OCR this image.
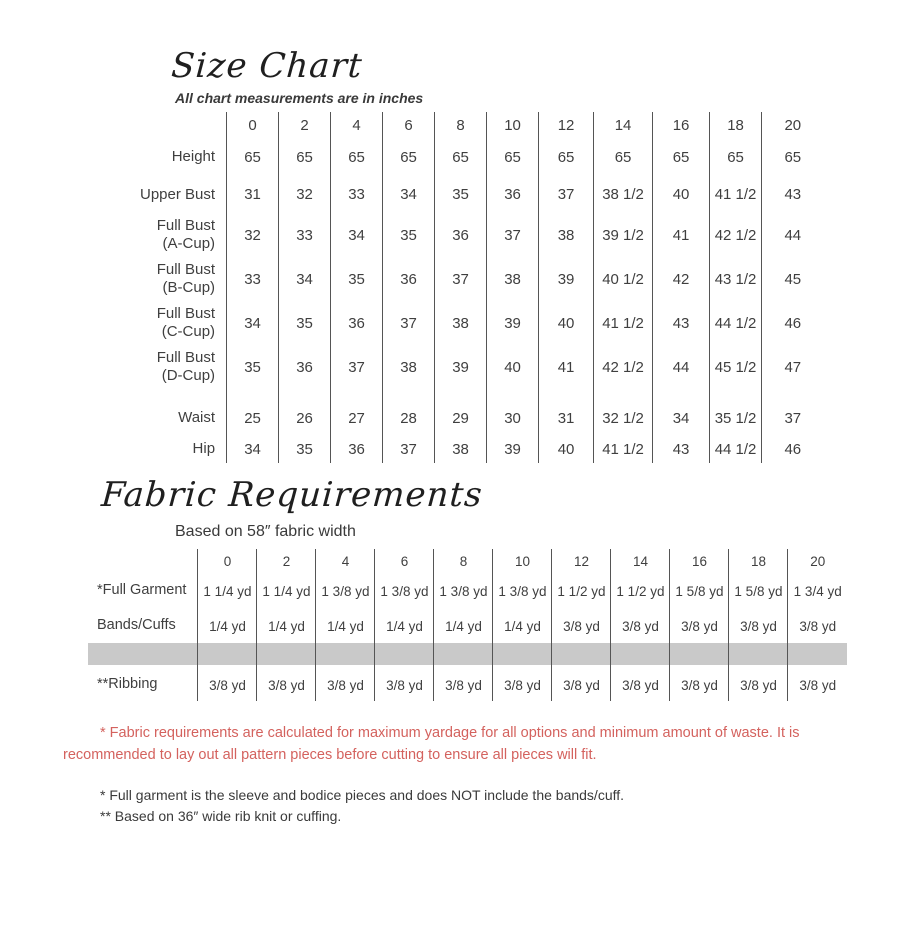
Size Chart
All chart measurements are in inches
	0	2	4	6	8	10	12	14	16	18	20

Height	65	65	65	65	65	65	65	65	65	65	65

Upper Bust	31	32	33	34	35	36	37	38 1/2	40	41 1/2	43

Full Bust
(A-Cup)	32	33	34	35	36	37	38	39 1/2	41	42 1/2	44

Full Bust
(B-Cup)	33	34	35	36	37	38	39	40 1/2	42	43 1/2	45

Full Bust
(C-Cup)	34	35	36	37	38	39	40	41 1/2	43	44 1/2	46

Full Bust
(D-Cup)	35	36	37	38	39	40	41	42 1/2	44	45 1/2	47

Waist	25	26	27	28	29	30	31	32 1/2	34	35 1/2	37

Hip	34	35	36	37	38	39	40	41 1/2	43	44 1/2	46
Fabric Requirements
Based on 58″ fabric width
	0	2	4	6	8	10	12	14	16	18	20

*Full Garment	1 1/4 yd	1 1/4 yd	1 3/8 yd	1 3/8 yd	1 3/8 yd	1 3/8 yd	1 1/2 yd	1 1/2 yd	1 5/8 yd	1 5/8 yd	1 3/4 yd

Bands/Cuffs	1/4 yd	1/4 yd	1/4 yd	1/4 yd	1/4 yd	1/4 yd	3/8 yd	3/8 yd	3/8 yd	3/8 yd	3/8 yd

**Ribbing	3/8 yd	3/8 yd	3/8 yd	3/8 yd	3/8 yd	3/8 yd	3/8 yd	3/8 yd	3/8 yd	3/8 yd	3/8 yd

* Fabric requirements are calculated for maximum yardage for all options and minimum amount of waste. It is recommended to lay out all pattern pieces before cutting to ensure all pieces will fit.

* Full garment is the sleeve and bodice pieces and does NOT include the bands/cuff.
** Based on 36″ wide rib knit or cuffing.
